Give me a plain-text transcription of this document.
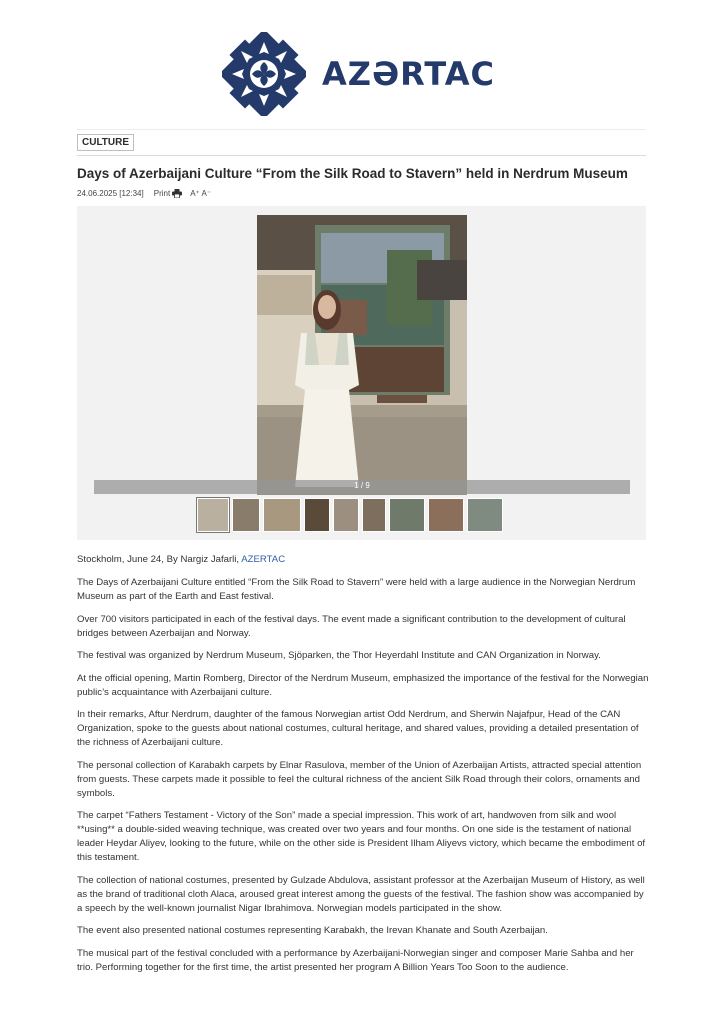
AZƏRTAC
CULTURE
Days of Azerbaijani Culture “From the Silk Road to Stavern” held in Nerdrum Museum
24.06.2025 [12:34] Print	A⁺ A⁻
1 / 9

Stockholm, June 24, By Nargiz Jafarli, AZERTAC

The Days of Azerbaijani Culture entitled “From the Silk Road to Stavern” were held with a large audience in the Norwegian Nerdrum Museum as part of the Earth and East festival.

Over 700 visitors participated in each of the festival days. The event made a significant contribution to the development of cultural bridges between Azerbaijan and Norway.

The festival was organized by Nerdrum Museum, Sjöparken, the Thor Heyerdahl Institute and CAN Organization in Norway.

At the official opening, Martin Romberg, Director of the Nerdrum Museum, emphasized the importance of the festival for the Norwegian public’s acquaintance with Azerbaijani culture.

In their remarks, Aftur Nerdrum, daughter of the famous Norwegian artist Odd Nerdrum, and Sherwin Najafpur, Head of the CAN Organization, spoke to the guests about national costumes, cultural heritage, and shared values, providing a detailed presentation of the richness of Azerbaijani culture.

The personal collection of Karabakh carpets by Elnar Rasulova, member of the Union of Azerbaijan Artists, attracted special attention from guests. These carpets made it possible to feel the cultural richness of the ancient Silk Road through their colors, ornaments and symbols.

The carpet “Fathers Testament - Victory of the Son” made a special impression. This work of art, handwoven from silk and wool **using** a double-sided weaving technique, was created over two years and four months. On one side is the testament of national leader Heydar Aliyev, looking to the future, while on the other side is President Ilham Aliyevs victory, which became the embodiment of this testament.

The collection of national costumes, presented by Gulzade Abdulova, assistant professor at the Azerbaijan Museum of History, as well as the brand of traditional cloth Alaca, aroused great interest among the guests of the festival. The fashion show was accompanied by a speech by the well-known journalist Nigar Ibrahimova. Norwegian models participated in the show.

The event also presented national costumes representing Karabakh, the Irevan Khanate and South Azerbaijan.

The musical part of the festival concluded with a performance by Azerbaijani-Norwegian singer and composer Marie Sahba and her trio. Performing together for the first time, the artist presented her program A Billion Years Too Soon to the audience.
